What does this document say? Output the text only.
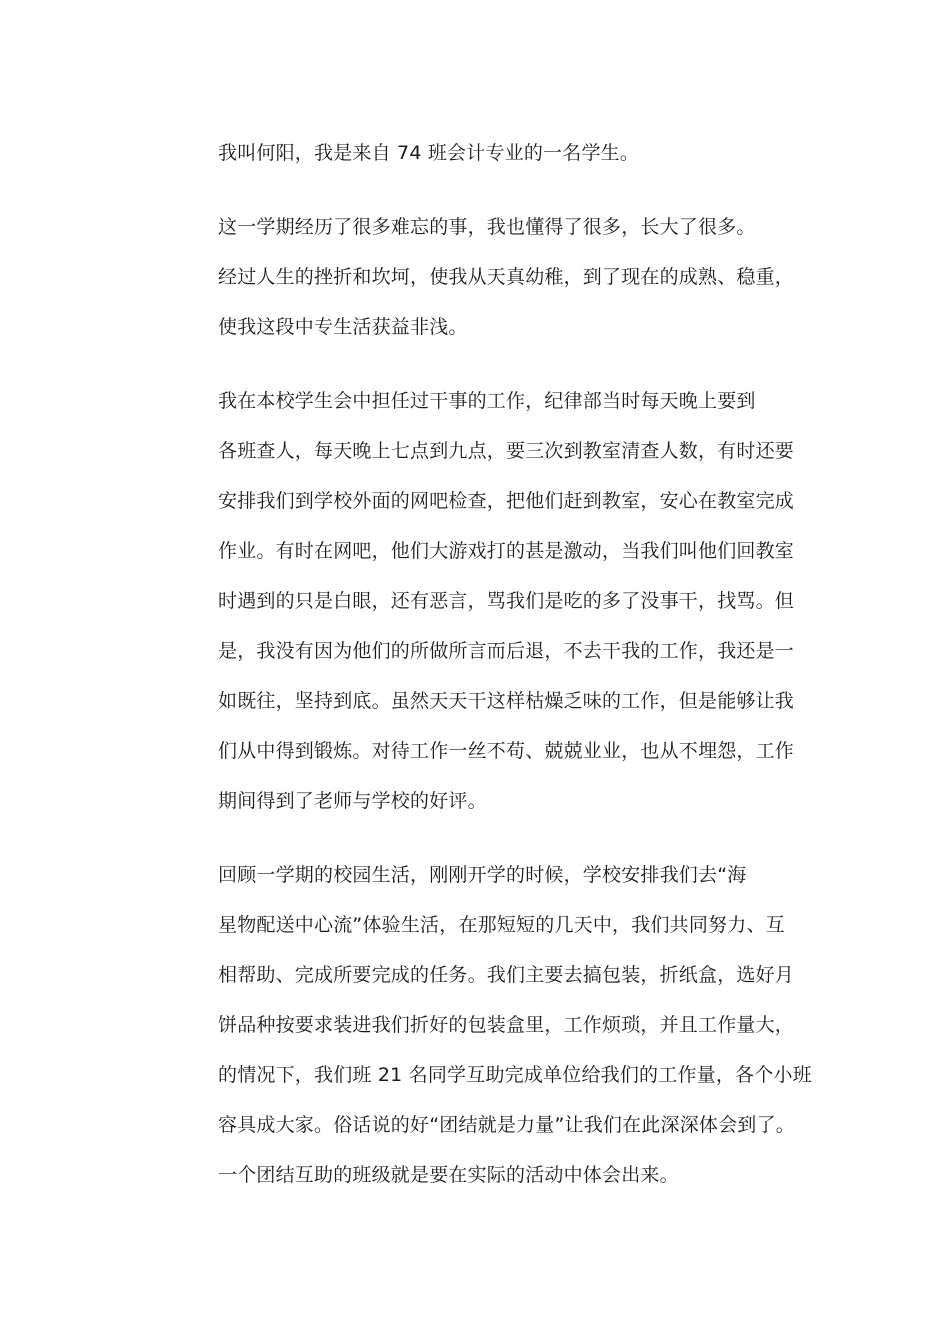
我叫何阳，我是来自 74 班会计专业的一名学生。

这一学期经历了很多难忘的事，我也懂得了很多，长大了很多。
经过人生的挫折和坎坷，使我从天真幼稚，到了现在的成熟、稳重，
使我这段中专生活获益非浅。

我在本校学生会中担任过干事的工作，纪律部当时每天晚上要到
各班查人，每天晚上七点到九点，要三次到教室清查人数，有时还要
安排我们到学校外面的网吧检查，把他们赶到教室，安心在教室完成
作业。有时在网吧，他们大游戏打的甚是激动，当我们叫他们回教室
时遇到的只是白眼，还有恶言，骂我们是吃的多了没事干，找骂。但
是，我没有因为他们的所做所言而后退，不去干我的工作，我还是一
如既往，坚持到底。虽然天天干这样枯燥乏味的工作，但是能够让我
们从中得到锻炼。对待工作一丝不苟、兢兢业业，也从不埋怨，工作
期间得到了老师与学校的好评。

回顾一学期的校园生活，刚刚开学的时候，学校安排我们去“海
星物配送中心流”体验生活，在那短短的几天中，我们共同努力、互
相帮助、完成所要完成的任务。我们主要去搞包装，折纸盒，选好月
饼品种按要求装进我们折好的包装盒里，工作烦琐，并且工作量大，
的情况下，我们班 21 名同学互助完成单位给我们的工作量，各个小班
容具成大家。俗话说的好“团结就是力量”让我们在此深深体会到了。
一个团结互助的班级就是要在实际的活动中体会出来。
